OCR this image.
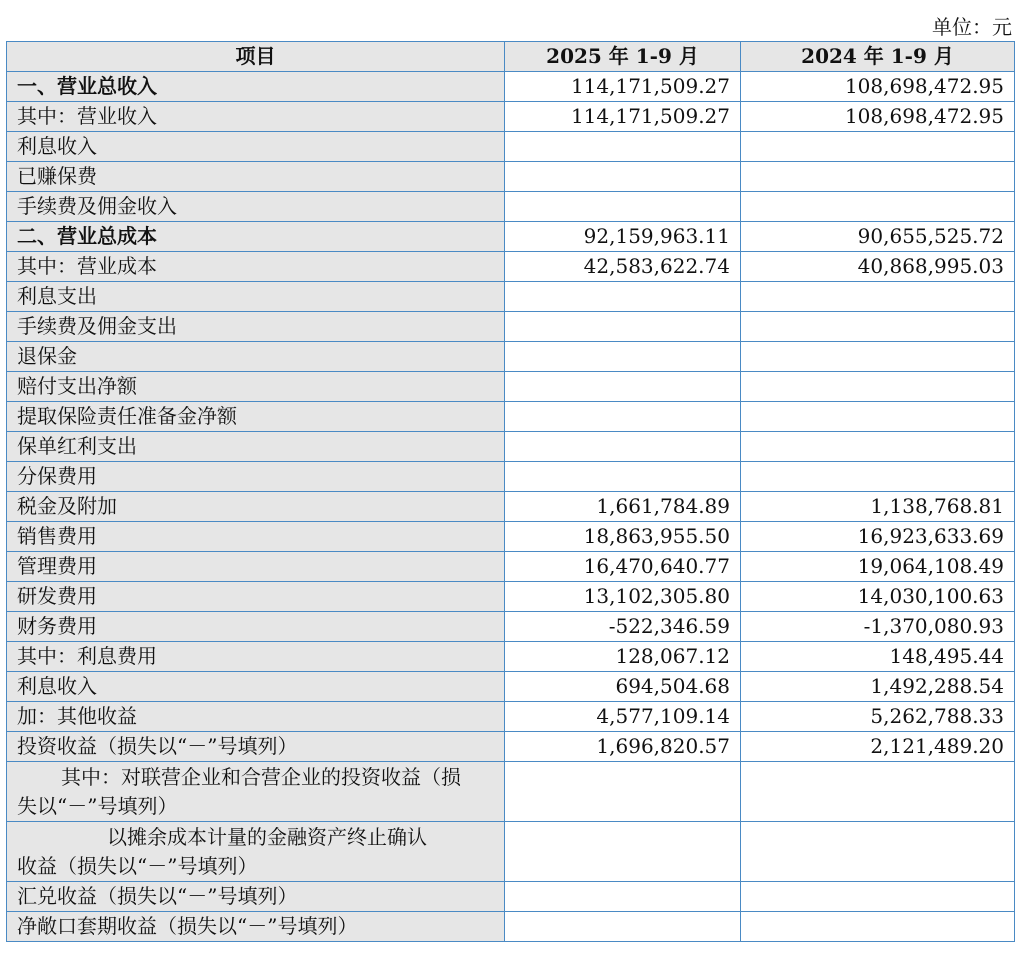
单位：元
项目	2025 年 1-9 月	2024 年 1-9 月
一、营业总收入	114,171,509.27	108,698,472.95
其中：营业收入	114,171,509.27	108,698,472.95
利息收入		
已赚保费		
手续费及佣金收入		
二、营业总成本	92,159,963.11	90,655,525.72
其中：营业成本	42,583,622.74	40,868,995.03
利息支出		
手续费及佣金支出		
退保金		
赔付支出净额		
提取保险责任准备金净额		
保单红利支出		
分保费用		
税金及附加	1,661,784.89	1,138,768.81
销售费用	18,863,955.50	16,923,633.69
管理费用	16,470,640.77	19,064,108.49
研发费用	13,102,305.80	14,030,100.63
财务费用	-522,346.59	-1,370,080.93
其中：利息费用	128,067.12	148,495.44
利息收入	694,504.68	1,492,288.54
加：其他收益	4,577,109.14	5,262,788.33
投资收益（损失以“－”号填列）	1,696,820.57	2,121,489.20

其中：对联营企业和合营企业的投资收益（损
失以“－”号填列）		

以摊余成本计量的金融资产终止确认
收益（损失以“－”号填列）		

汇兑收益（损失以“－”号填列）		
净敞口套期收益（损失以“－”号填列）		
